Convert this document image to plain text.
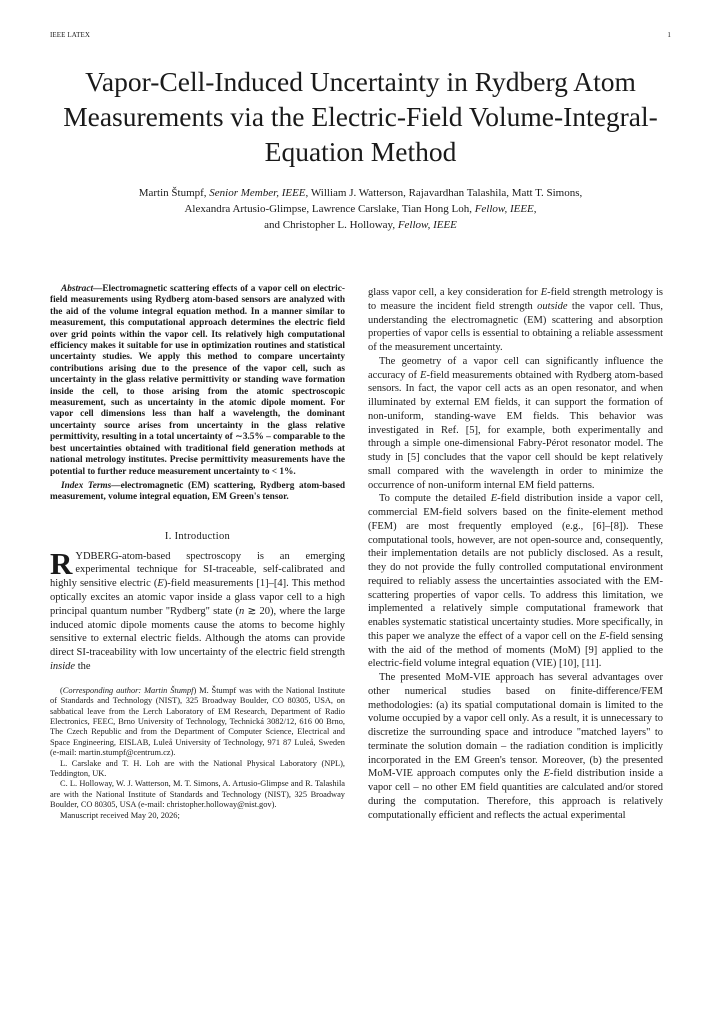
IEEE LATEX	1
Vapor-Cell-Induced Uncertainty in Rydberg Atom Measurements via the Electric-Field Volume-Integral-Equation Method
Martin Štumpf, Senior Member, IEEE, William J. Watterson, Rajavardhan Talashila, Matt T. Simons,
Alexandra Artusio-Glimpse, Lawrence Carslake, Tian Hong Loh, Fellow, IEEE,
and Christopher L. Holloway, Fellow, IEEE

Abstract—Electromagnetic scattering effects of a vapor cell on electric-field measurements using Rydberg atom-based sensors are analyzed with the aid of the volume integral equation method. In a manner similar to measurement, this computational approach determines the electric field over grid points within the vapor cell. Its relatively high computational efficiency makes it suitable for use in optimization routines and statistical uncertainty studies. We apply this method to compare uncertainty contributions arising due to the presence of the vapor cell, such as uncertainty in the glass relative permittivity or standing wave formation inside the cell, to those arising from the atomic spectroscopic measurement, such as uncertainty in the atomic dipole moment. For vapor cell dimensions less than half a wavelength, the dominant uncertainty source arises from uncertainty in the glass relative permittivity, resulting in a total uncertainty of ∼3.5% – comparable to the best uncertainties obtained with traditional field generation methods at national metrology institutes. Precise permittivity measurements have the potential to further reduce measurement uncertainty to < 1%.

Index Terms—electromagnetic (EM) scattering, Rydberg atom-based measurement, volume integral equation, EM Green's tensor.

I. Introduction

RYDBERG-atom-based spectroscopy is an emerging experimental technique for SI-traceable, self-calibrated and highly sensitive electric (E)-field measurements [1]–[4]. This method optically excites an atomic vapor inside a glass vapor cell to a high principal quantum number "Rydberg" state (n ≳ 20), where the large induced atomic dipole moments cause the atoms to become highly sensitive to external electric fields. Although the atoms can provide direct SI-traceability with low uncertainty of the electric field strength inside the

(Corresponding author: Martin Štumpf) M. Štumpf was with the National Institute of Standards and Technology (NIST), 325 Broadway Boulder, CO 80305, USA, on sabbatical leave from the Lerch Laboratory of EM Research, Department of Radio Electronics, FEEC, Brno University of Technology, Technická 3082/12, 616 00 Brno, The Czech Republic and from the Department of Computer Science, Electrical and Space Engineering, EISLAB, Luleå University of Technology, 971 87 Luleå, Sweden (e-mail: martin.stumpf@centrum.cz).

L. Carslake and T. H. Loh are with the National Physical Laboratory (NPL), Teddington, UK.

C. L. Holloway, W. J. Watterson, M. T. Simons, A. Artusio-Glimpse and R. Talashila are with the National Institute of Standards and Technology (NIST), 325 Broadway Boulder, CO 80305, USA (e-mail: christopher.holloway@nist.gov).

Manuscript received May 20, 2026;

glass vapor cell, a key consideration for E-field strength metrology is to measure the incident field strength outside the vapor cell. Thus, understanding the electromagnetic (EM) scattering and absorption properties of vapor cells is essential to obtaining a reliable assessment of the measurement uncertainty.

The geometry of a vapor cell can significantly influence the accuracy of E-field measurements obtained with Rydberg atom-based sensors. In fact, the vapor cell acts as an open resonator, and when illuminated by external EM fields, it can support the formation of non-uniform, standing-wave EM fields. This behavior was investigated in Ref. [5], for example, both experimentally and through a simple one-dimensional Fabry-Pérot resonator model. The study in [5] concludes that the vapor cell should be kept relatively small compared with the wavelength in order to minimize the occurrence of non-uniform internal EM field patterns.

To compute the detailed E-field distribution inside a vapor cell, commercial EM-field solvers based on the finite-element method (FEM) are most frequently employed (e.g., [6]–[8]). These computational tools, however, are not open-source and, consequently, their implementation details are not publicly disclosed. As a result, they do not provide the fully controlled computational environment required to reliably assess the uncertainties associated with the EM-scattering properties of vapor cells. To address this limitation, we implemented a relatively simple computational framework that enables systematic statistical uncertainty studies. More specifically, in this paper we analyze the effect of a vapor cell on the E-field sensing with the aid of the method of moments (MoM) [9] applied to the electric-field volume integral equation (VIE) [10], [11].

The presented MoM-VIE approach has several advantages over other numerical studies based on finite-difference/FEM methodologies: (a) its spatial computational domain is limited to the volume occupied by a vapor cell only. As a result, it is unnecessary to discretize the surrounding space and introduce "matched layers" to terminate the solution domain – the radiation condition is implicitly incorporated in the EM Green's tensor. Moreover, (b) the presented MoM-VIE approach computes only the E-field distribution inside a vapor cell – no other EM field quantities are calculated and/or stored during the computation. Therefore, this approach is relatively computationally efficient and reflects the actual experimental
